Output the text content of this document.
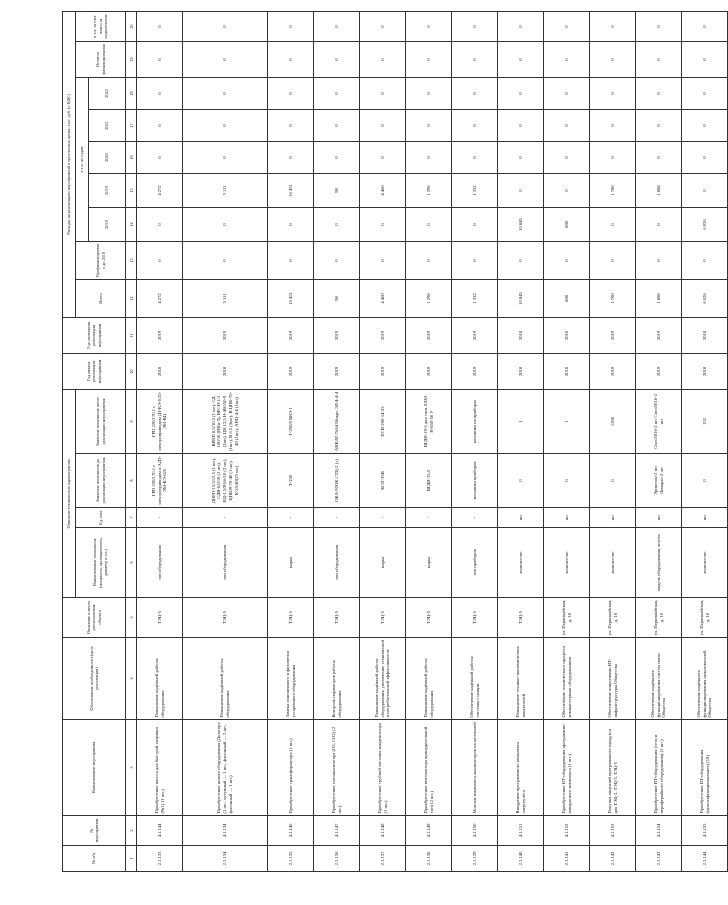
№ п/п	№ мероприятия	Наименование мероприятия	Обоснование необходимости (цель реализации)	Описание и место расположения объекта	Описание технических характеристик				Год начала реализации мероприятия	Год окончания реализации мероприятия	Расходы на реализацию мероприятий в прогнозных ценах, тыс. руб. (с НДС)								
					Наименование показателя (мощность, протяженность, диаметр и т.п.)	Ед. изм.	Значение показателя до реализации мероприятия	Значение показателя после реализации мероприятия			Всего	Профинансировано до 2018	в т.ч. по годам					Остаток финансирования	в т.ч. за счет платы за подключение
													2018	2019	2020	2021	2022		
1	2	3	4	5	6	7	8	9	10	11	12	13	14	15	16	17	18	19	20
2.1.133	4.1.144	Приобретение насоса для быстрой заправки (№1) 11 шт.)	Повышение надёжной работы оборудования	ТЭЦ-5	тип оборудования	-	ГРП 220/170.1 с электроприводом и АДЗ-ЭМ-КЭ-025	ГРП 220/170.1 с электроприводом ДЗ-КЭ-0,55-ЭМ-ВЦ	2018	2019	4 272	0	0	4 272	0	0	0	0	0
2.1.134	4.1.134	Приобретение нового оборудования (Дозатора (1 шт., чугунный — 1 шт., фасонный — 2 шт., фасонный — 1 шт.)	Повышение надёжной работы оборудования	ТЭЦ-5	тип оборудования	-	ДНРП-13,5/12,5 (1 шт), СДВ-6,0/18 (1 шт), НД-1,5/Р,6/6/10 (2 шт), ЦНЮ9-70-40 (1 шт), К-25/40(25 шт)	ВРНП 8,5/10,5 (1 шт), СД 160/10 (ННн-3), ВРСН-1/1 (2шт), ЦН 12,5 Н-400/50-9 (1шт), В 6,5 (3шт), В ЦНК-70-40 (1шт), АНЦ-4-4 (1шт)	2018	2019	3 111	0	0	3 111	0	0	0	0	0
2.1.135	4.1.146	Приобретение трансформатора (1 шт.)	Замена изношенного и физически устаревшего оборудования	ТЭЦ-5	марка	-	Т-250	Т-250/0 ВЯЭ-1	2019	2019	16 451	0	0	16 451	0	0	0	0	0
2.1.136	4.1.147	Приобретение газоанализатора (О2, СО2) (2 шт.)	Контроль параметров работы оборудования	ТЭЦ-5	тип оборудования	-	ОКА-92ОК СТЦ-2 (т)	АНКАТ-7664 Микро ЭЛ-4-4-4	2019	2019	98	0	0	98	0	0	0	0	0
2.1.137	4.1.148	Приобретение трубной системы конденсатора (1 шт.)	Повышение надёжной работы оборудования, увеличение технической и потребительской эффективности	ТЭЦ-5	марка	-	КСП-35В	ПСВ-200-14-23	2019	2019	4 460	0	0	4 460	0	0	0	0	0
2.1.138	4.1.149	Приобретение вентилятора принудительной тяги (2 шт.)	Повышение надёжной работы оборудования	ТЭЦ-5	марка	-	ВГДН-15,5	ВГДН-19-5 для тяги АХМ Н-850-50 У	2019	2019	1 296	0	0	1 296	0	0	0	0	0
2.1.139	4.1.150	Монтаж комплекса анализаторов на котельной	Обеспечение надёжной работы системы станции	ТЭЦ-5	тип приборов	-	механика приборов	механика на приборах	2019	2019	1 332	0	0	1 332	0	0	0	0	0
2.1.140	4.1.151	Внедрение программного комплекса энергоучёта	Повышение технико-экономических показателей	ТЭЦ-5	количество	шт	0	1	2018	2018	10 845	0	10 845	0	0	0	0	0	0
2.1.141	4.1.152	Приобретение ИТ-оборудования программно-аппаратного комплекса (1 шт.)	Обеспечение технического процесса компьютерным оборудованием	ул. Первомайская, д. 10	количество	шт	0	1	2018	2018	688	0	688	0	0	0	0	0	0
2.1.142	4.1.153	Покупка лицензий программного продукта для ТЭЦ-2, ТЭЦ-3, ТЭЦ-5	Обеспечение лицензиями ИТ-инфраструктуры Общества	ул. Первомайская, д. 10	количество	шт	0	1200	2019	2019	1 780	0	0	1 780	0	0	0	0	0
2.1.143	4.1.154	Приобретение ИТ-оборудования (сети и периферийного оборудования) (1 шт.)	Обеспечение надёжного функционирования систем связи Общества	ул. Первомайская, д. 10	модель оборудования, кол-во	шт	Эрикссон-2 шт Ломаркс-2 шт	Cisco5016-2 шт Cisco5016-2 шт	2019	2019	1 888	0	0	1 888	0	0	0	0	0
2.1.144	4.1.155	Приобретение ИТ-оборудования (мультифункциональное) (18)	Обеспечение надёжного функционирования пользователей Общества	ул. Первомайская, д. 10	количество	шт	0	152	2018	2018	6 026	0	6 026	0	0	0	0	0	0
